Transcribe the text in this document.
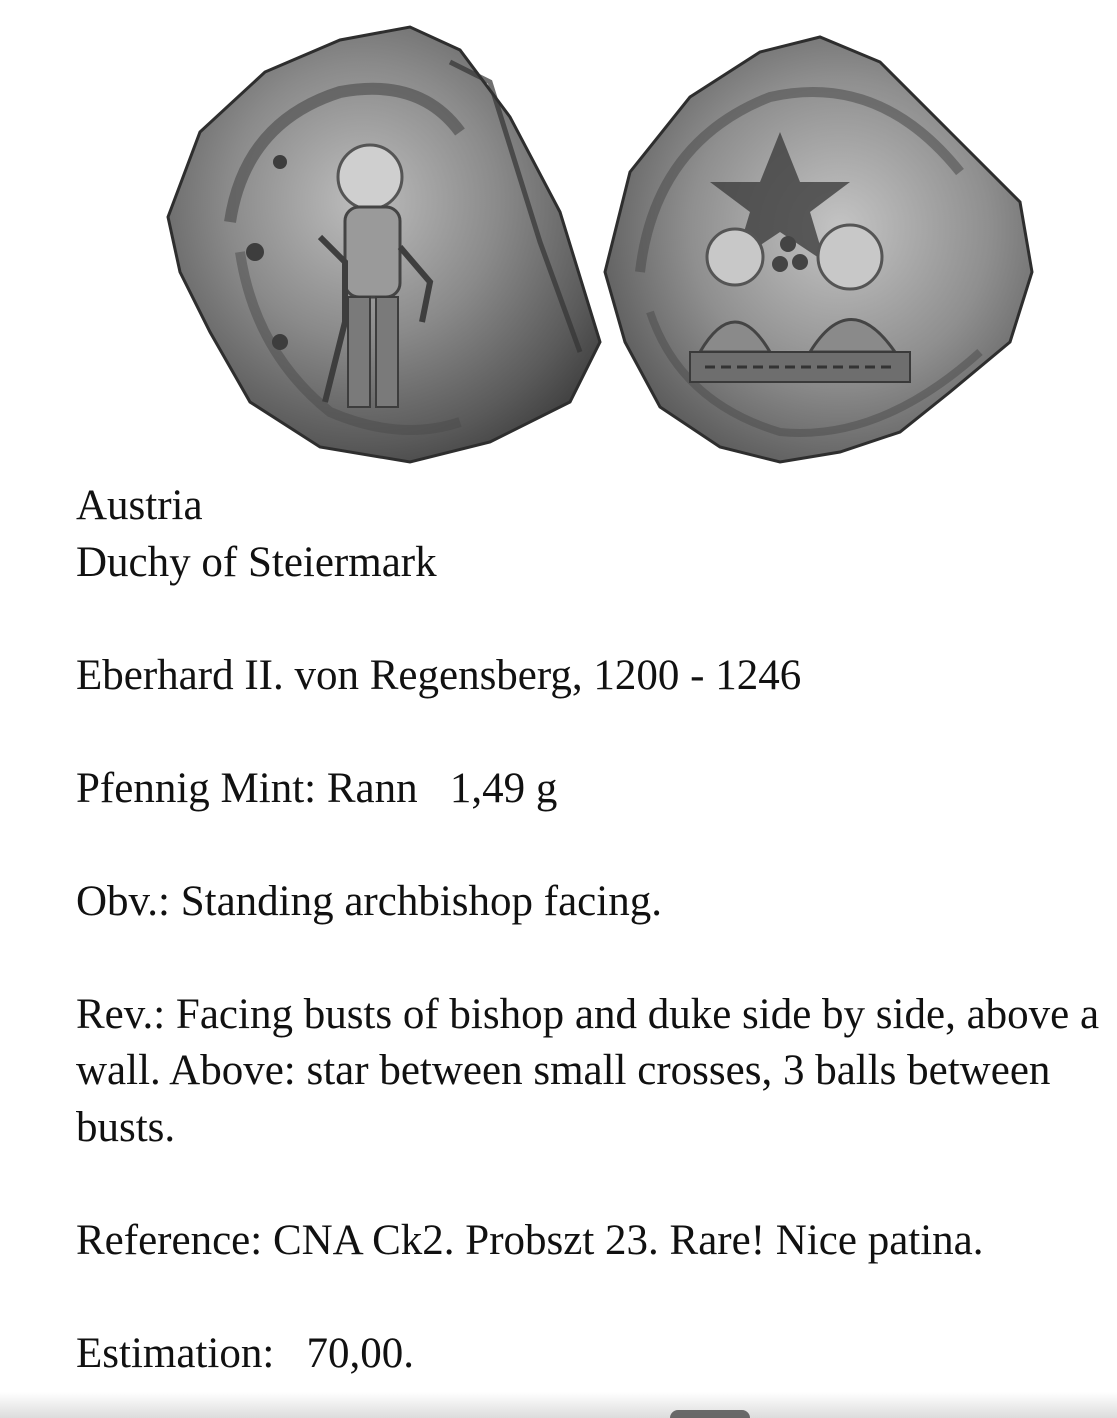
Austria
Duchy of Steiermark
Eberhard II. von Regensberg, 1200 - 1246
Pfennig Mint: Rann 1,49 g
Obv.: Standing archbishop facing.
Rev.: Facing busts of bishop and duke side by side, above a wall. Above: star between small crosses, 3 balls between busts.
Reference: CNA Ck2. Probszt 23. Rare! Nice patina.
Estimation: 70,00.
